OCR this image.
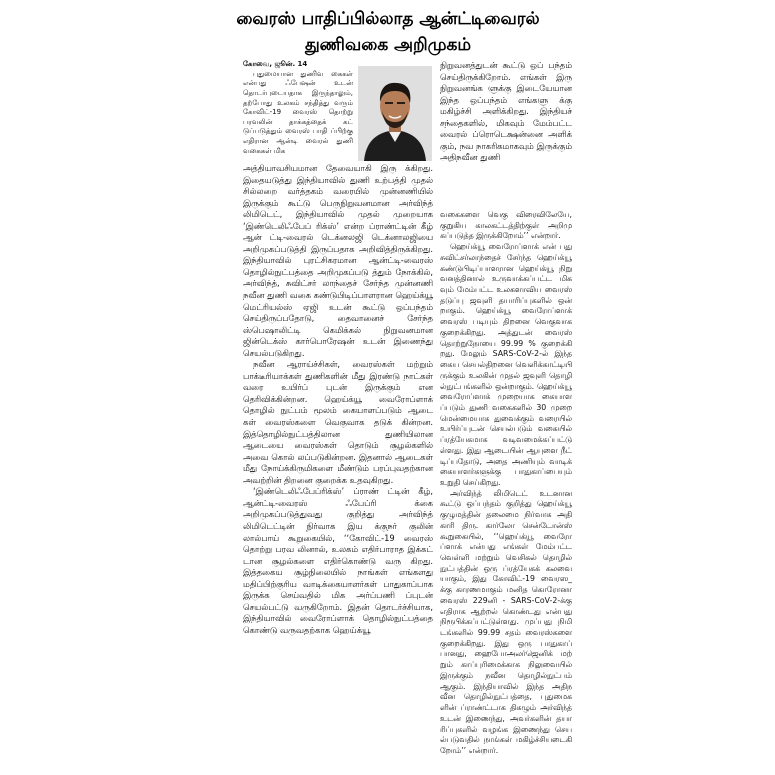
வைரஸ் பாதிப்பில்லாத ஆன்ட்டிவைரல்
துணிவகை அறிமுகம்

கோவை, ஜூன். 14

புதுமையான துணிவ கைகள் என்பது ஃபேஷன் உடன் தொடர்புடையதாக இருந்தாலும், தற்போது உலகம் சந்தித்து வரும் கோவிட்-19 வைரஸ் தொற்று பரவலின் தாக்கத்தைக் கட் டுப்படுத்தும் வைரஸ் பாதி ப்பிற்கு எதிரான ஆன்டி வைரல் துணி வகைகள் மிக

அத்தியாவசியமான தேவையாகி இரு க்கிறது. இதையடுத்து இந்தியாவில் துணி உற்பத்தி முதல் சில்லறை வர்த்தகம் வரையில் முன்னணியில் இருக்கும் கூட்டு பெருநிறுவனமான அர்விந்த் லிமிடெட், இந்தியாவில் முதல் முறையாக ‘இண்டெலிஃபேப் ரிக்ஸ்’ என்ற ப்ராண்ட்டின் கீழ் ஆன் ட்டி-வைரல் டெக்னலஜி டெக்னாலஜியை அறிமுகப்படுத்தி இருப்பதாக அறிவித்திருக்கிறது. இந்தியாவில் புரட்சிகரமான ஆன்ட்டி-வைரஸ் தொழில்நுட்பத்தை அறிமுகப்படு த்தும் நோக்கில், அர்விந்த், சுவிட்சர் லாந்தைச் சேர்ந்த முன்னணி நவீன துணி வகை கண்டுபிடிப்பாளரான ஹெய்க்யூ மெட்ரியல்ஸ் ஏஜி உடன் கூட்டு ஒப்பந்தம் செய்திருப்பதோடு, தைவானைச் சேர்ந்த ஸ்பெஷாலிட்டி கெமிக்கல் நிறுவனமான ஜின்டெக்ஸ் கார்பொரேஷன் உடன் இணைந்து செயல்படுகிறது.

நவீன ஆராய்ச்சிகள், வைரஸ்கள் மற்றும் பாக்டீரியாக்கள் துணிகளின் மீது இரண்டு நாட்கள் வரை உயிர்ப் புடன் இருக்கும் என தெரிவிக்கின்றன. ஹெய்க்யூ வைரோப்ளாக் தொழில் நுட்பம் மூலம் கையாளப்படும் ஆடை கள் வைரஸ்களை வெகுவாக தடுக் கின்றன. இத்தொழில்நுட்பத்திலான துணியிலான ஆடையை வைரஸ்கள் தொடும் சூழல்களில் அவை கொல் லப்படுகின்றன. இதனால் ஆடைகள் மீது நோய்க்கிருமிகளை மீண்டும் பரப்புவதற்கான அவற்றின் திறனை குறைக்க உதவுகிறது.

‘இண்டெலிஃபேப்ரிக்ஸ்’ ப்ராண் ட்டின் கீழ், ஆன்ட்டி-வைரஸ் ஃபேப்ரி க்கை அறிமுகப்படுத்துவது குறித்து அர்விந்த் லிமிடெட்டின் நிர்வாக இய க்குநர் குலின் லால்பாய் கூறுகையில், ‘‘கோவிட்-19 வைரஸ் தொற்று பரவ லினால், உலகம் எதிர்பாராத இக்கட் டான சூழல்களை எதிர்கொண்டு வரு கிறது. இத்தகைய சூழ்நிலையில் நாங்கள் எங்களது மதிப்பிற்குரிய வாடிக்கையாளர்கள் பாதுகாப்பாக இருக்க செய்வதில் மிக அர்ப்பணி ப்புடன் செயல்பட்டு வருகிறோம். இதன் தொடர்ச்சியாக, இந்தியாவில் வைரோப்ளாக் தொழில்நுட்பத்தை கொண்டு வருவதற்காக ஹெய்க்யூ

நிறுவனத்துடன் கூட்டு ஒப் பந்தம் செய்திருக்கிறோம். எங்கள் இரு நிறுவனங்க ளுக்கு இடையேயான இந்த ஒப்பந்தம் எங்களு க்கு மகிழ்ச்சி அளிக்கிறது. இந்தியச் சந்தைகளில், மிகவும் மேம்பட்ட வைரல் ப்ரொடெக்ஷன்னை அளிக் கும், நவ நாகரிகமாகவும் இருக்கும் அதிநவீன துணி

வகைகளை வெகு விரைவிலேயே, குறுகிய காலகட்டத்திற்குள் அறிமு கப்படுத்த இருக்கிறோம்’’ என்றார்.

ஹெய்க்யூ வைரோப்ளாக் என் பது சுவிட்சர்லாந்தைச் சேர்ந்த ஹெய்க்யூ கண்டுபிடிப்பாளரான ஹெய்க்யூ நிறு வனத்தினால் உருவாக்கப்பட்ட மிக வும் மேம்பட்ட உலகளாவிய வைரஸ் தடுப்பு ஜவுளி தயாரிப்புகளில் ஒன் றாகும். ஹெய்க்யூ வைரோப்ளாக் வைரஸ் படியும் திறனை வெகுவாக குறைக்கிறது. அத்துடன் வைரஸ் தொற்றுநோயை 99.99 % குறைக்கி றது. மேலும் SARS-CoV-2-ல் இந்த கைய செயல்திறனை வெளிக்காட்டியி ருக்கும் உலகின் முதல் ஜவுளி தொழி ல்நுட்பங்களில் ஒன்றாகும். ஹெய்க்யூ வைரோப்ளாக் முறையாக கையாள ப்படும் துணி வகைகளில் 30 முறை மென்மையாக துவைக்கும் வரையில் உயிர்ப்புடன் செயல்படும் வகையில் ப்ரத்யேகமாக வடிவமைக்கப்பட்டு ள்ளது. இது ஆடையின் ஆயுளை நீட் டிப்பதோடு, அதை அணியும் வாடிக் கையாளர்களுக்கு பாதுகாப்பையும் உறுதி செய்கிறது.

அர்விந்த் லிமிடெட் உடனான கூட்டு ஒப்பந்தம் குறித்து ஹெய்க்யூ குழுமத்தின் தலைமை நிர்வாக அதி காரி திரு. கார்லோ சென்டோன்ஸ் கூறுகையில், ‘‘ஹெய்க்யூ வைரோ ப்ளாக் என்பது எங்கள் மேம்பட்ட வெள்ளி மற்றும் வெசிகல் தொழில் நுட்பத்தின் ஒரு ப்ரத்யேகக் கலவை யாகும், இது கோவிட்-19 வைரஸ_ க்கு காரணமாகும் மனித கொரோனா வைரஸ் 229னி - SARS-CoV-2-க்கு எதிராக ஆற்றல் கொண்டது என்பது நிரூபிக்கப்பட்டுள்ளது. முப்பது நிமி டங்களில் 99.99 சதம் வைரஸ்களை குறைக்கிறது. இது ஒரு பாதுகாப் பானது, ஹைபோஅலர்ஜெனிக் மற் றும் காப்புரிமைக்காக நிலுவையில் இருக்கும் நவீன தொழில்நுட்பம் ஆகும். இந்தியாவில் இந்த அதிந வீன தொழில்நுட்பத்தை, புதுமைக ளின் ப்ராண்ட்டாக திகழும் அர்விந்த் உடன் இணைந்து, அவர்களின் தயா ரிப்புகளில் வழங்க இணைந்து செய ல்படுவதில் நாங்கள் மகிழ்ச்சியடைகி றோம்’’ என்றார்.
